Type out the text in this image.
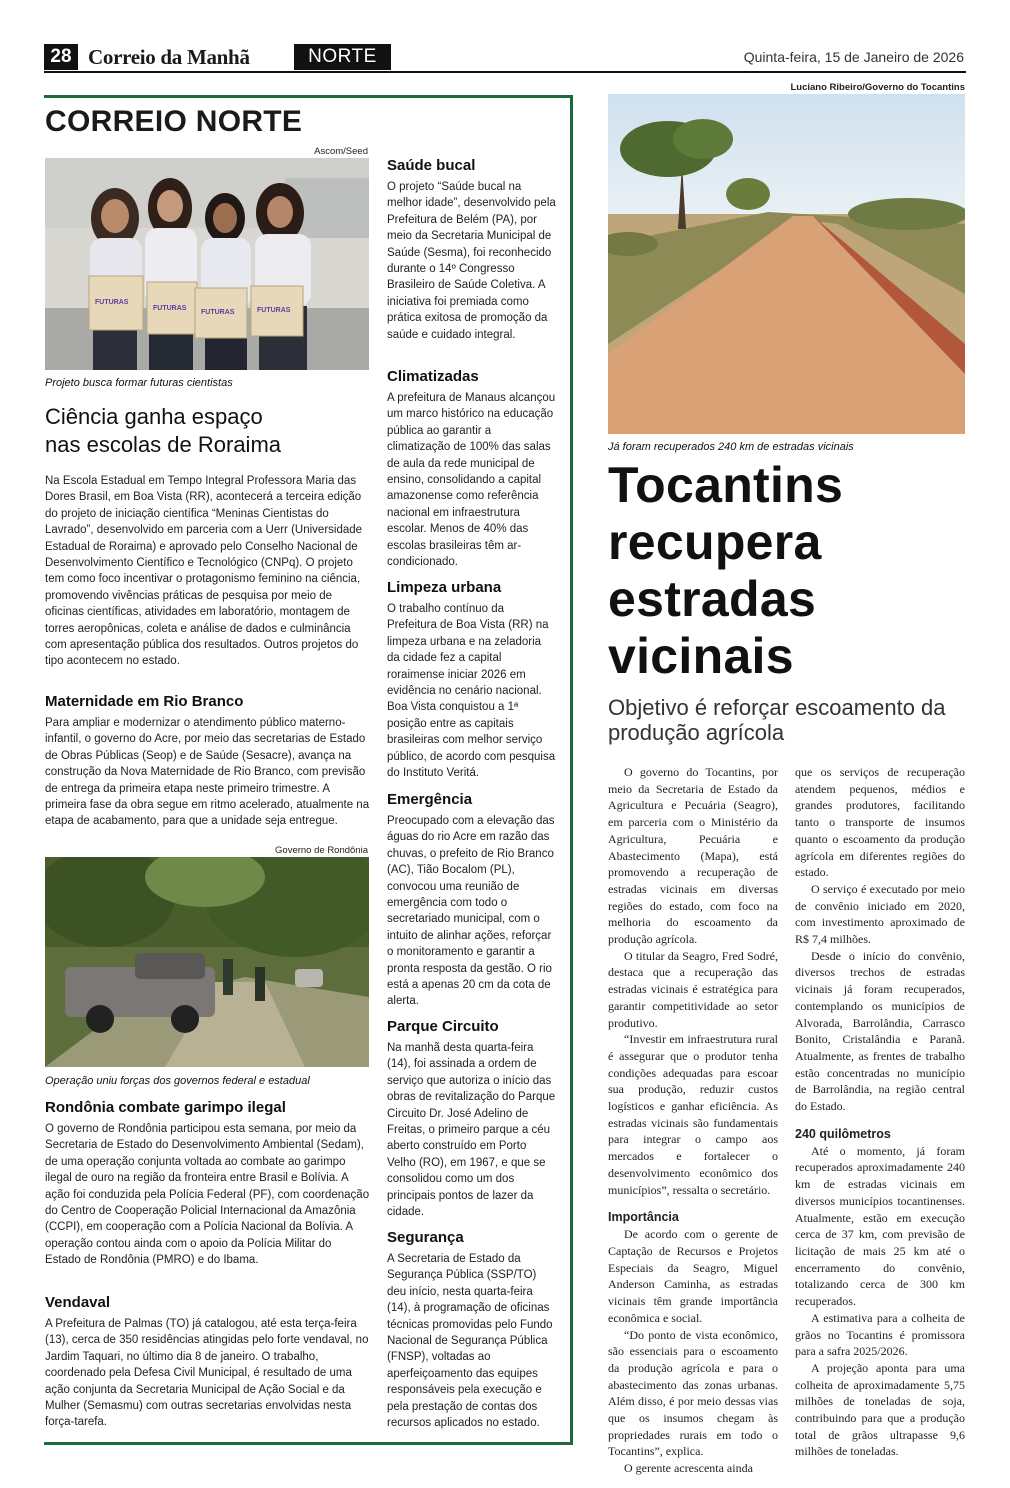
28 Correio da Manhã	NORTE	Quinta-feira, 15 de Janeiro de 2026
CORREIO NORTE
Ascom/Seed
FUTURAS
FUTURAS
FUTURAS	FUTURAS
Projeto busca formar futuras cientistas
Ciência ganha espaço
nas escolas de Roraima

Na Escola Estadual em Tempo Integral Professora Maria das Dores Brasil, em Boa Vista (RR), acontecerá a terceira edição do projeto de iniciação científica “Meninas Cientistas do Lavrado”, desenvolvido em parceria com a Uerr (Universidade Estadual de Roraima) e aprovado pelo Conselho Nacional de Desenvolvimento Científico e Tecnológico (CNPq). O projeto tem como foco incentivar o protagonismo feminino na ciência, promovendo vivências práticas de pesquisa por meio de oficinas científicas, atividades em laboratório, montagem de torres aeropônicas, coleta e análise de dados e culminância com apresentação pública dos resultados. Outros projetos do tipo acontecem no estado.

Maternidade em Rio Branco

Para ampliar e modernizar o atendimento público materno-infantil, o governo do Acre, por meio das secretarias de Estado de Obras Públicas (Seop) e de Saúde (Sesacre), avança na construção da Nova Maternidade de Rio Branco, com previsão de entrega da primeira etapa neste primeiro trimestre. A primeira fase da obra segue em ritmo acelerado, atualmente na etapa de acabamento, para que a unidade seja entregue.

Governo de Rondônia
Operação uniu forças dos governos federal e estadual
Rondônia combate garimpo ilegal

O governo de Rondônia participou esta semana, por meio da Secretaria de Estado do Desenvolvimento Ambiental (Sedam), de uma operação conjunta voltada ao combate ao garimpo ilegal de ouro na região da fronteira entre Brasil e Bolívia. A ação foi conduzida pela Polícia Federal (PF), com coordenação do Centro de Cooperação Policial Internacional da Amazônia (CCPI), em cooperação com a Polícia Nacional da Bolívia. A operação contou ainda com o apoio da Polícia Militar do Estado de Rondônia (PMRO) e do Ibama.

Vendaval

A Prefeitura de Palmas (TO) já catalogou, até esta terça-feira (13), cerca de 350 residências atingidas pelo forte vendaval, no Jardim Taquari, no último dia 8 de janeiro. O trabalho, coordenado pela Defesa Civil Municipal, é resultado de uma ação conjunta da Secretaria Municipal de Ação Social e da Mulher (Semasmu) com outras secretarias envolvidas nesta força-tarefa.

Saúde bucal

O projeto “Saúde bucal na melhor idade”, desenvolvido pela Prefeitura de Belém (PA), por meio da Secretaria Municipal de Saúde (Sesma), foi reconhecido durante o 14º Congresso Brasileiro de Saúde Coletiva. A iniciativa foi premiada como prática exitosa de promoção da saúde e cuidado integral.

Climatizadas

A prefeitura de Manaus alcançou um marco histórico na educação pública ao garantir a climatização de 100% das salas de aula da rede municipal de ensino, consolidando a capital amazonense como referência nacional em infraestrutura escolar. Menos de 40% das escolas brasileiras têm ar-condicionado.

Limpeza urbana

O trabalho contínuo da Prefeitura de Boa Vista (RR) na limpeza urbana e na zeladoria da cidade fez a capital roraimense iniciar 2026 em evidência no cenário nacional. Boa Vista conquistou a 1ª posição entre as capitais brasileiras com melhor serviço público, de acordo com pesquisa do Instituto Veritá.

Emergência

Preocupado com a elevação das águas do rio Acre em razão das chuvas, o prefeito de Rio Branco (AC), Tião Bocalom (PL), convocou uma reunião de emergência com todo o secretariado municipal, com o intuito de alinhar ações, reforçar o monitoramento e garantir a pronta resposta da gestão. O rio está a apenas 20 cm da cota de alerta.

Parque Circuito

Na manhã desta quarta-feira (14), foi assinada a ordem de serviço que autoriza o início das obras de revitalização do Parque Circuito Dr. José Adelino de Freitas, o primeiro parque a céu aberto construído em Porto Velho (RO), em 1967, e que se consolidou como um dos principais pontos de lazer da cidade.

Segurança

A Secretaria de Estado da Segurança Pública (SSP/TO) deu início, nesta quarta-feira (14), à programação de oficinas técnicas promovidas pelo Fundo Nacional de Segurança Pública (FNSP), voltadas ao aperfeiçoamento das equipes responsáveis pela execução e pela prestação de contas dos recursos aplicados no estado.

Luciano Ribeiro/Governo do Tocantins
Já foram recuperados 240 km de estradas vicinais
Tocantins
recupera
estradas
vicinais
Objetivo é reforçar escoamento da produção agrícola

O governo do Tocantins, por meio da Secretaria de Estado da Agricultura e Pecuária (Seagro), em parceria com o Ministério da Agricultura, Pecuária e Abastecimento (Mapa), está promovendo a recuperação de estradas vicinais em diversas regiões do estado, com foco na melhoria do escoamento da produção agrícola.

O titular da Seagro, Fred Sodré, destaca que a recuperação das estradas vicinais é estratégica para garantir competitividade ao setor produtivo.

“Investir em infraestrutura rural é assegurar que o produtor tenha condições adequadas para escoar sua produção, reduzir custos logísticos e ganhar eficiência. As estradas vicinais são fundamentais para integrar o campo aos mercados e fortalecer o desenvolvimento econômico dos municípios”, ressalta o secretário.

Importância

De acordo com o gerente de Captação de Recursos e Projetos Especiais da Seagro, Miguel Anderson Caminha, as estradas vicinais têm grande importância econômica e social.

“Do ponto de vista econômico, são essenciais para o escoamento da produção agrícola e para o abastecimento das zonas urbanas. Além disso, é por meio dessas vias que os insumos chegam às propriedades rurais em todo o Tocantins”, explica.

O gerente acrescenta ainda

que os serviços de recuperação atendem pequenos, médios e grandes produtores, facilitando tanto o transporte de insumos quanto o escoamento da produção agrícola em diferentes regiões do estado.

O serviço é executado por meio de convênio iniciado em 2020, com investimento aproximado de R$ 7,4 milhões.

Desde o início do convênio, diversos trechos de estradas vicinais já foram recuperados, contemplando os municípios de Alvorada, Barrolândia, Carrasco Bonito, Cristalândia e Paranã. Atualmente, as frentes de trabalho estão concentradas no município de Barrolândia, na região central do Estado.

240 quilômetros

Até o momento, já foram recuperados aproximadamente 240 km de estradas vicinais em diversos municípios tocantinenses. Atualmente, estão em execução cerca de 37 km, com previsão de licitação de mais 25 km até o encerramento do convênio, totalizando cerca de 300 km recuperados.

A estimativa para a colheita de grãos no Tocantins é promissora para a safra 2025/2026.

A projeção aponta para uma colheita de aproximadamente 5,75 milhões de toneladas de soja, contribuindo para que a produção total de grãos ultrapasse 9,6 milhões de toneladas.
